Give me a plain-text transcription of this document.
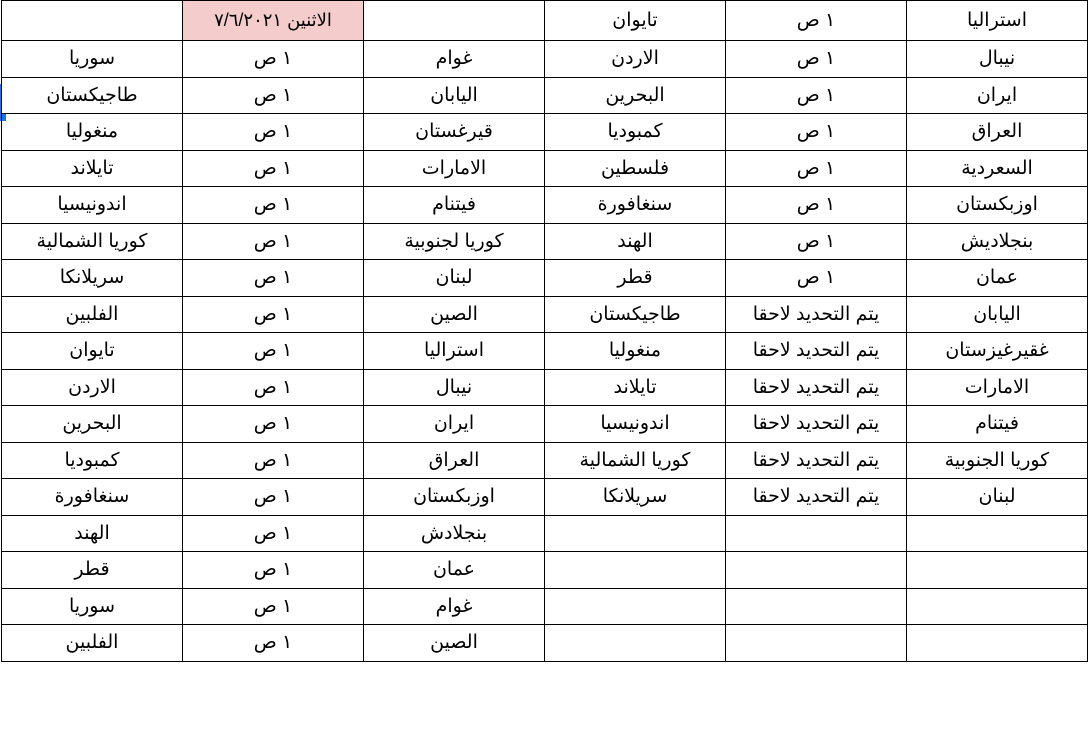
	الاثنين ٧/٦/٢٠٢١		تايوان	١ ص	استراليا
سوريا	١ ص	غوام	الاردن	١ ص	نيبال
طاجيكستان	١ ص	اليابان	البحرين	١ ص	ايران
منغوليا	١ ص	قيرغستان	كمبوديا	١ ص	العراق
تايلاند	١ ص	الامارات	فلسطين	١ ص	السعردية
اندونيسيا	١ ص	فيتنام	سنغافورة	١ ص	اوزبكستان
كوريا الشمالية	١ ص	كوريا لجنوبية	الهند	١ ص	بنجلاديش
سريلانكا	١ ص	لبنان	قطر	١ ص	عمان
الفلبين	١ ص	الصين	طاجيكستان	يتم التحديد لاحقا	اليابان
تايوان	١ ص	استراليا	منغوليا	يتم التحديد لاحقا	غقيرغيزستان
الاردن	١ ص	نيبال	تايلاند	يتم التحديد لاحقا	الامارات
البحرين	١ ص	ايران	اندونيسيا	يتم التحديد لاحقا	فيتنام
كمبوديا	١ ص	العراق	كوريا الشمالية	يتم التحديد لاحقا	كوريا الجنوبية
سنغافورة	١ ص	اوزبكستان	سريلانكا	يتم التحديد لاحقا	لبنان
الهند	١ ص	بنجلادش			
قطر	١ ص	عمان			
سوريا	١ ص	غوام			
الفلبين	١ ص	الصين			
